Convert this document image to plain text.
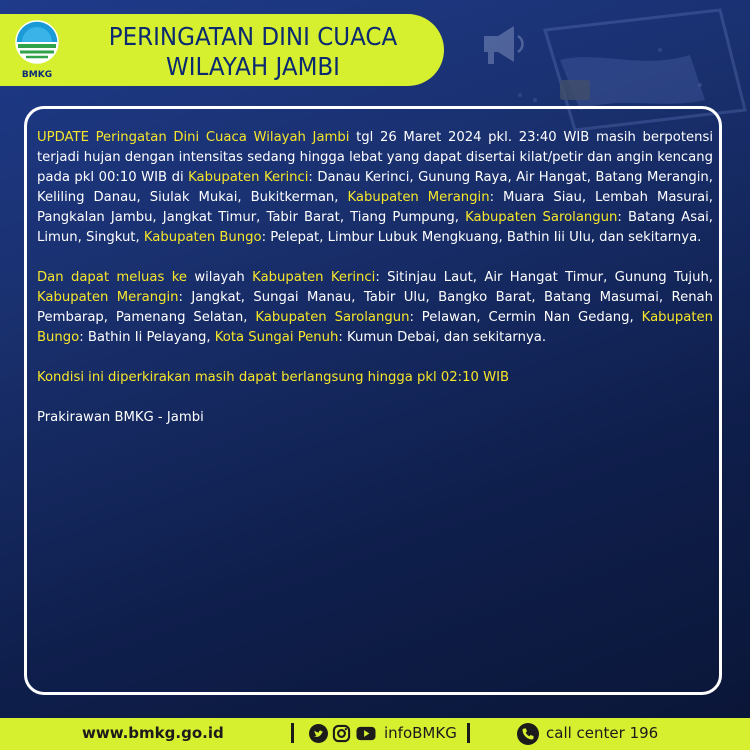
BMKG
PERINGATAN DINI CUACA
WILAYAH JAMBI

UPDATE Peringatan Dini Cuaca Wilayah Jambi tgl 26 Maret 2024 pkl. 23:40 WIB masih berpotensi terjadi hujan dengan intensitas sedang hingga lebat yang dapat disertai kilat/petir dan angin kencang pada pkl 00:10 WIB di Kabupaten Kerinci: Danau Kerinci, Gunung Raya, Air Hangat, Batang Merangin, Keliling Danau, Siulak Mukai, Bukitkerman, Kabupaten Merangin: Muara Siau, Lembah Masurai, Pangkalan Jambu, Jangkat Timur, Tabir Barat, Tiang Pumpung, Kabupaten Sarolangun: Batang Asai, Limun, Singkut, Kabupaten Bungo: Pelepat, Limbur Lubuk Mengkuang, Bathin Iii Ulu, dan sekitarnya.

Dan dapat meluas ke wilayah Kabupaten Kerinci: Sitinjau Laut, Air Hangat Timur, Gunung Tujuh, Kabupaten Merangin: Jangkat, Sungai Manau, Tabir Ulu, Bangko Barat, Batang Masumai, Renah Pembarap, Pamenang Selatan, Kabupaten Sarolangun: Pelawan, Cermin Nan Gedang, Kabupaten Bungo: Bathin Ii Pelayang, Kota Sungai Penuh: Kumun Debai, dan sekitarnya.

Kondisi ini diperkirakan masih dapat berlangsung hingga pkl 02:10 WIB

Prakirawan BMKG - Jambi

www.bmkg.go.id	infoBMKG	call center 196
